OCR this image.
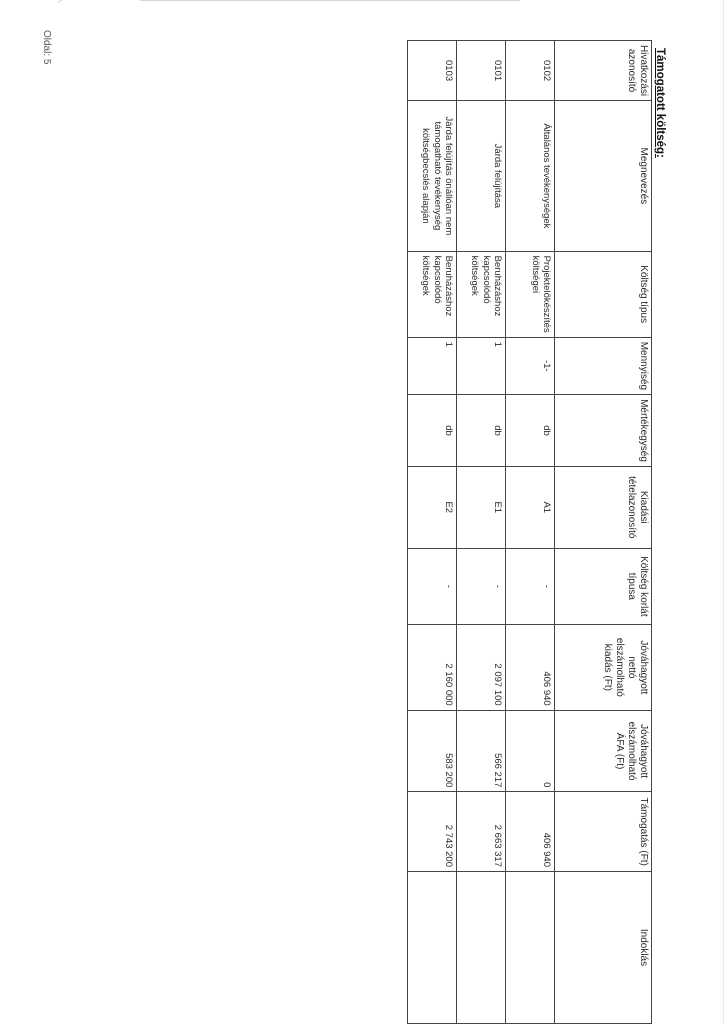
Oldal: 5
Támogatott költség:
Hivatkozási azonosító	Megnevezés	Költség típus	Mennyiség	Mértékegység	Kiadási tételazonosító	Költség korlát típusa	Jóváhagyott nettó elszámolható kiadás (Ft)	Jóváhagyott elszámolható ÁFA (Ft)	Támogatás (Ft)	Indoklás
0102	Általános tevékenységek	Projektelőkészítés költségei	-1-	db	A1	-	406 940	0	406 940	
0101	Járda felújítása	Beruházáshoz kapcsolódó költségek	1	db	E1	-	2 097 100	566 217	2 663 317	
0103	Járda felújítás önállóan nem támogatható tevékenység költségbecslés alapján	Beruházáshoz kapcsolódó költségek	1	db	E2	-	2 160 000	583 200	2 743 200	
